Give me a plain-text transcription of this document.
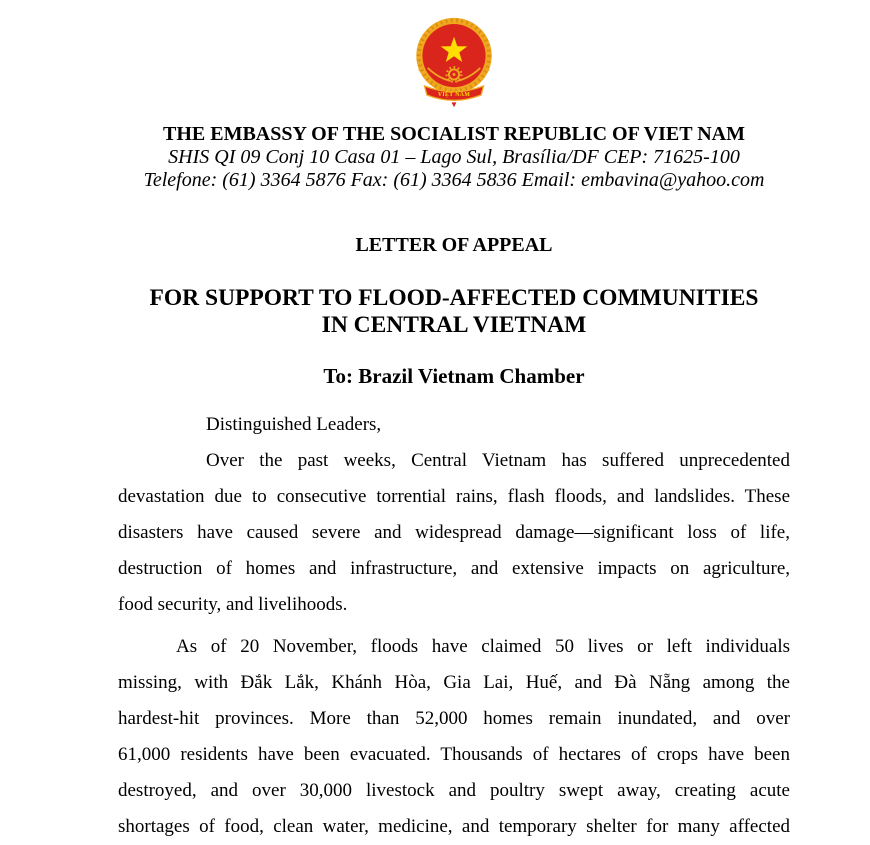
VIỆT NAM
THE EMBASSY OF THE SOCIALIST REPUBLIC OF VIET NAM
SHIS QI 09 Conj 10 Casa 01 – Lago Sul, Brasília/DF CEP: 71625-100
Telefone: (61) 3364 5876 Fax: (61) 3364 5836 Email: embavina@yahoo.com
LETTER OF APPEAL
FOR SUPPORT TO FLOOD-AFFECTED COMMUNITIES
IN CENTRAL VIETNAM
To: Brazil Vietnam Chamber
Distinguished Leaders,
Over the past weeks, Central Vietnam has suffered unprecedented
devastation due to consecutive torrential rains, flash floods, and landslides. These
disasters have caused severe and widespread damage—significant loss of life,
destruction of homes and infrastructure, and extensive impacts on agriculture,
food security, and livelihoods.
As of 20 November, floods have claimed 50 lives or left individuals
missing, with Đắk Lắk, Khánh Hòa, Gia Lai, Huế, and Đà Nẵng among the
hardest-hit provinces. More than 52,000 homes remain inundated, and over
61,000 residents have been evacuated. Thousands of hectares of crops have been
destroyed, and over 30,000 livestock and poultry swept away, creating acute
shortages of food, clean water, medicine, and temporary shelter for many affected
